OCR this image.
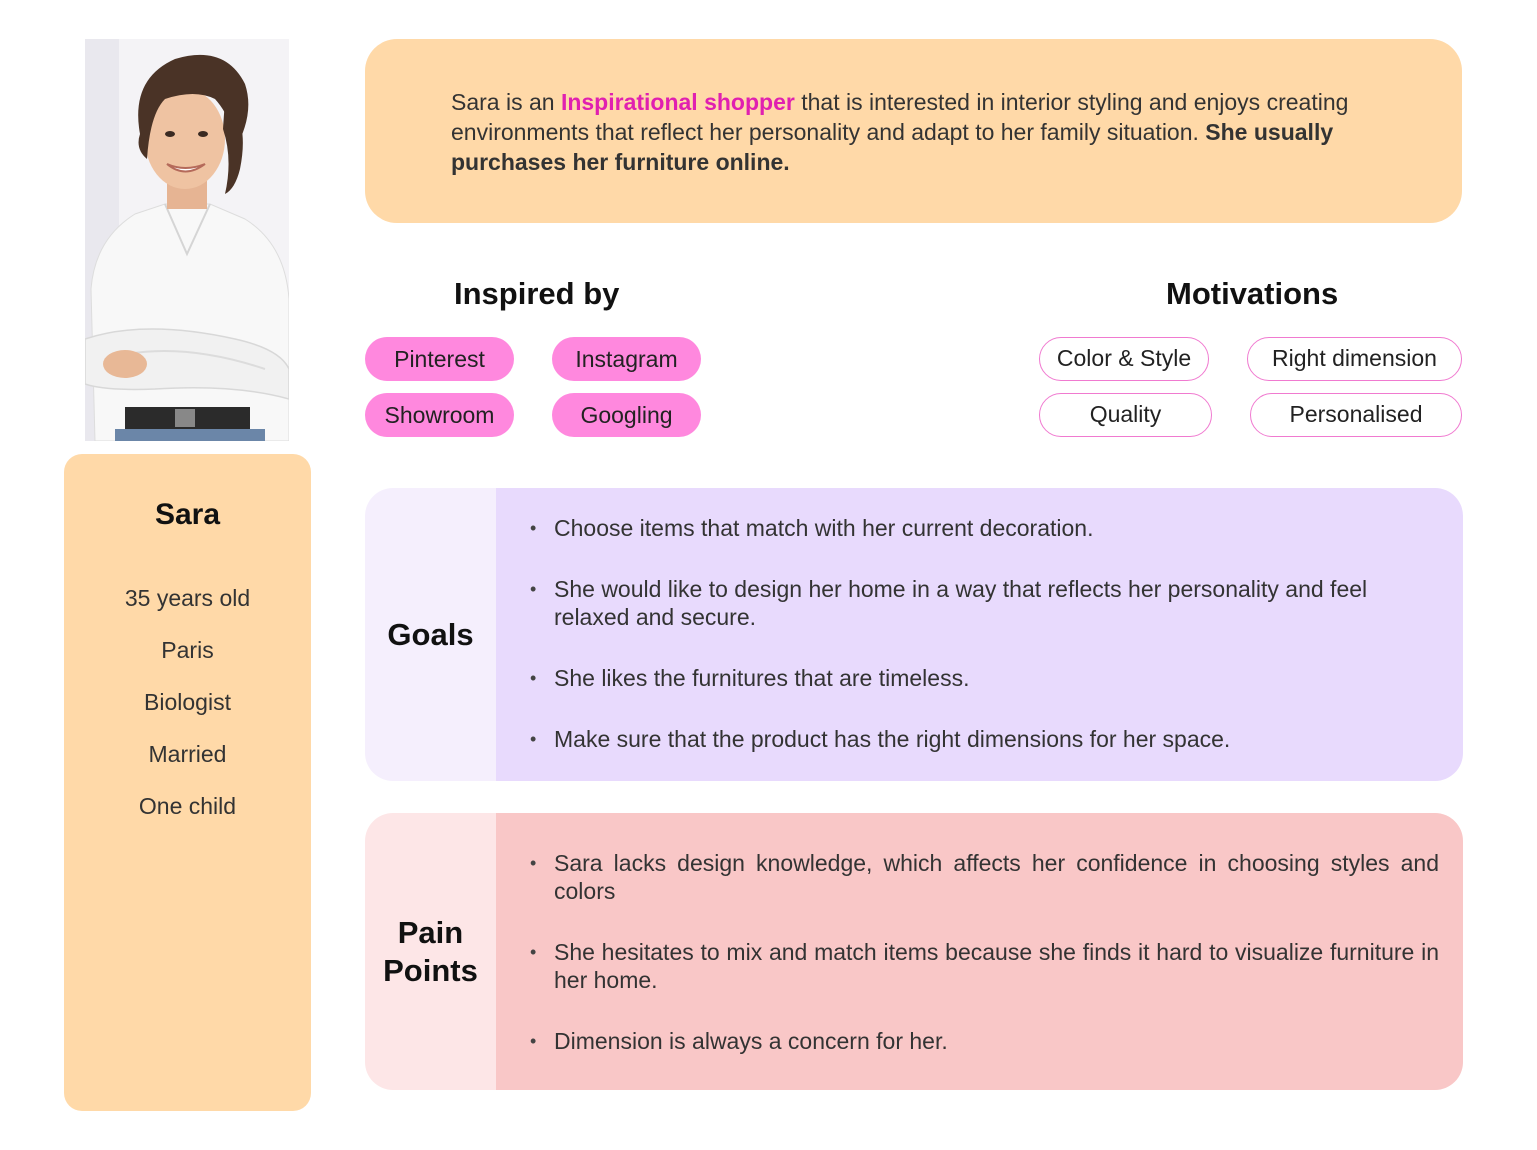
Sara
35 years old
Paris
Biologist
Married
One child
Sara is an Inspirational shopper that is interested in interior styling and enjoys creating environments that reflect her personality and adapt to her family situation. She usually purchases her furniture online.
Inspired by
Pinterest	Instagram
Showroom	Googling
Motivations
Color & Style	Right dimension
Quality	Personalised
Goals
• Choose items that match with her current decoration.
• She would like to design her home in a way that reflects her personality and feel relaxed and secure.
• She likes the furnitures that are timeless.
• Make sure that the product has the right dimensions for her space.
Pain
Points
• Sara lacks design knowledge, which affects her confidence in choosing styles and colors
• She hesitates to mix and match items because she finds it hard to visualize furniture in her home.
• Dimension is always a concern for her.
